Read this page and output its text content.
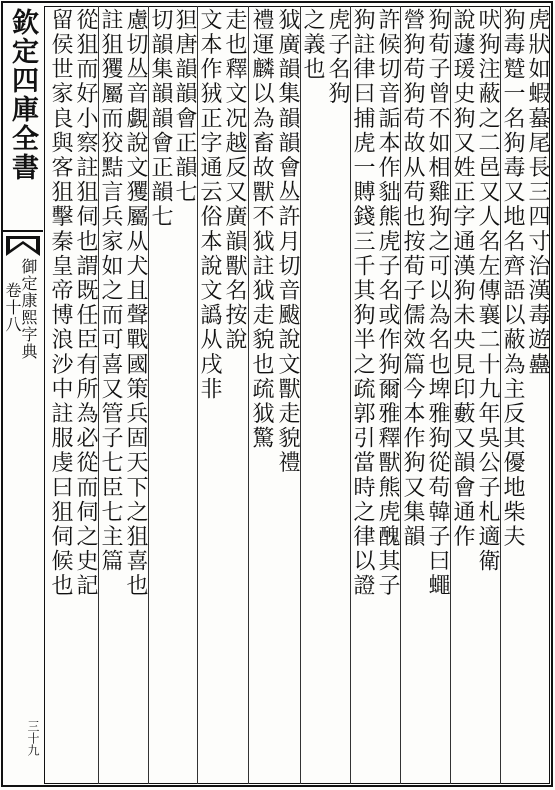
欽定四庫全書
御定康熙字典
卷十八
三十九
虎狀如蝦蟇尾長三四寸治漢毒遊蠱
狗毒蹵一名狗毒又地名齊語以蔽為主反其優地柴夫
吠狗注蔽之二邑又人名左傳襄二十九年吳公子札適衛
說蘧瑗史狗又姓正字通漢狗未央見印藪又韻會通作
狗荀子曾不如相雞狗之可以為名也埤雅狗從苟韓子曰蠅
營狗苟狗苟故从苟也按荀子儒效篇今本作狗又集韻
許候切音詬本作貀熊虎子名或作狗爾雅釋獸熊虎醜其子
狗註律曰捕虎一賻錢三千其狗半之疏郭引當時之律以證
虎子名狗
之義也
狘廣韻集韻韻會丛許月切音颰說文獸走貌禮
禮運麟以為畜故獸不狘註狘走貌也疏狘驚
走也釋文况越反又廣韻獸名按說
文本作狨正字通云俗本說文譌从戌非
狚唐韻韻會正韻七
切韻集韻韻會正韻七
慮切丛音覷說文玃屬从犬且聲戰國策兵固天下之狙喜也
註狙玃屬而狡黠言兵家如之而可喜又管子七臣七主篇
從狙而好小察註狙伺也謂既任臣有所為必從而伺之史記
留侯世家良與客狙擊秦皇帝博浪沙中註服虔曰狙伺候也
